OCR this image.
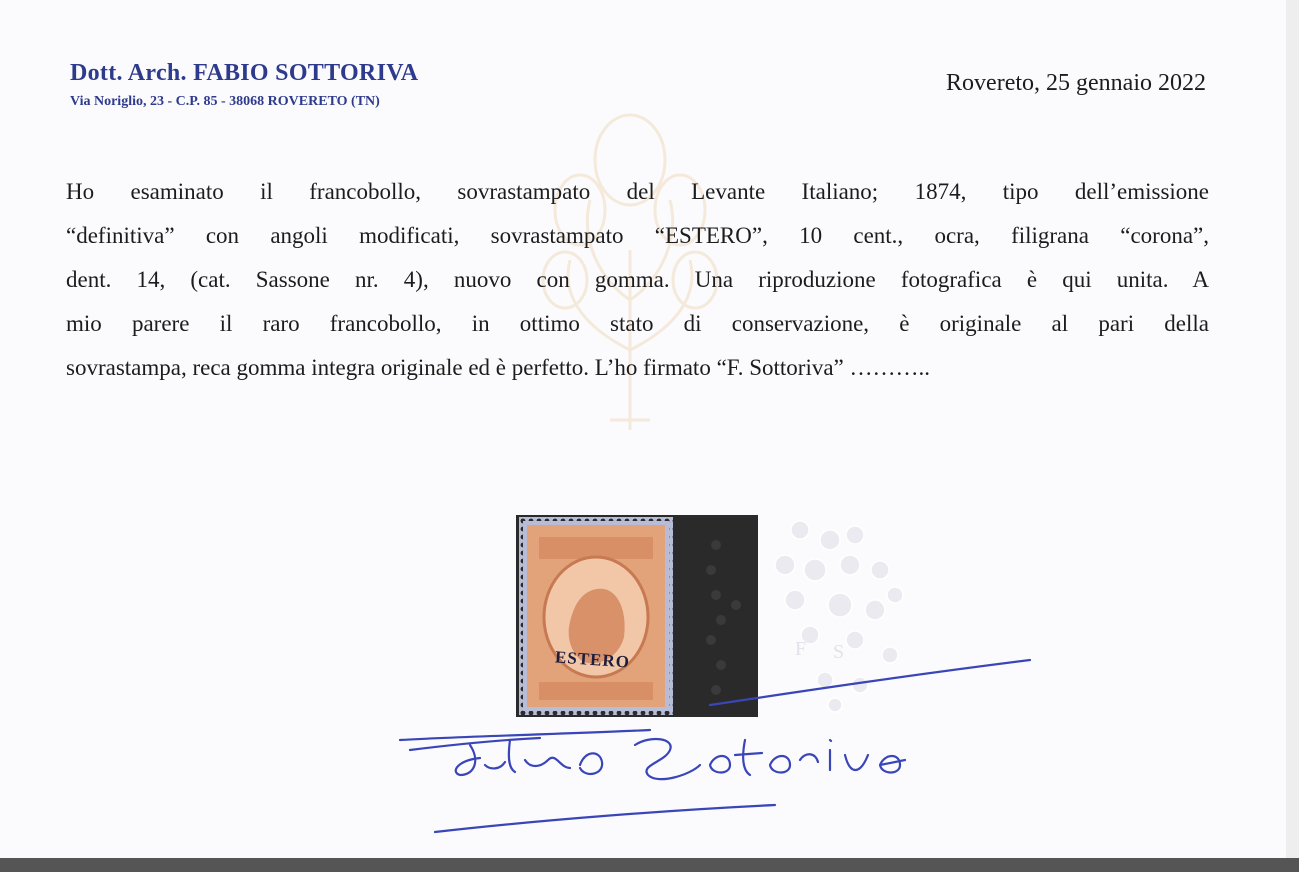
Dott. Arch. FABIO SOTTORIVA
Via Noriglio, 23 - C.P. 85 - 38068 ROVERETO (TN)
Rovereto, 25 gennaio 2022
Ho esaminato il francobollo, sovrastampato del Levante Italiano; 1874, tipo dell’emissione
“definitiva” con angoli modificati, sovrastampato “ESTERO”, 10 cent., ocra, filigrana “corona”,
dent. 14, (cat. Sassone nr. 4), nuovo con gomma. Una riproduzione fotografica è qui unita. A
mio parere il raro francobollo, in ottimo stato di conservazione, è originale al pari della
sovrastampa, reca gomma integra originale ed è perfetto. L’ho firmato “F. Sottoriva” ………..
ESTERO	F S
